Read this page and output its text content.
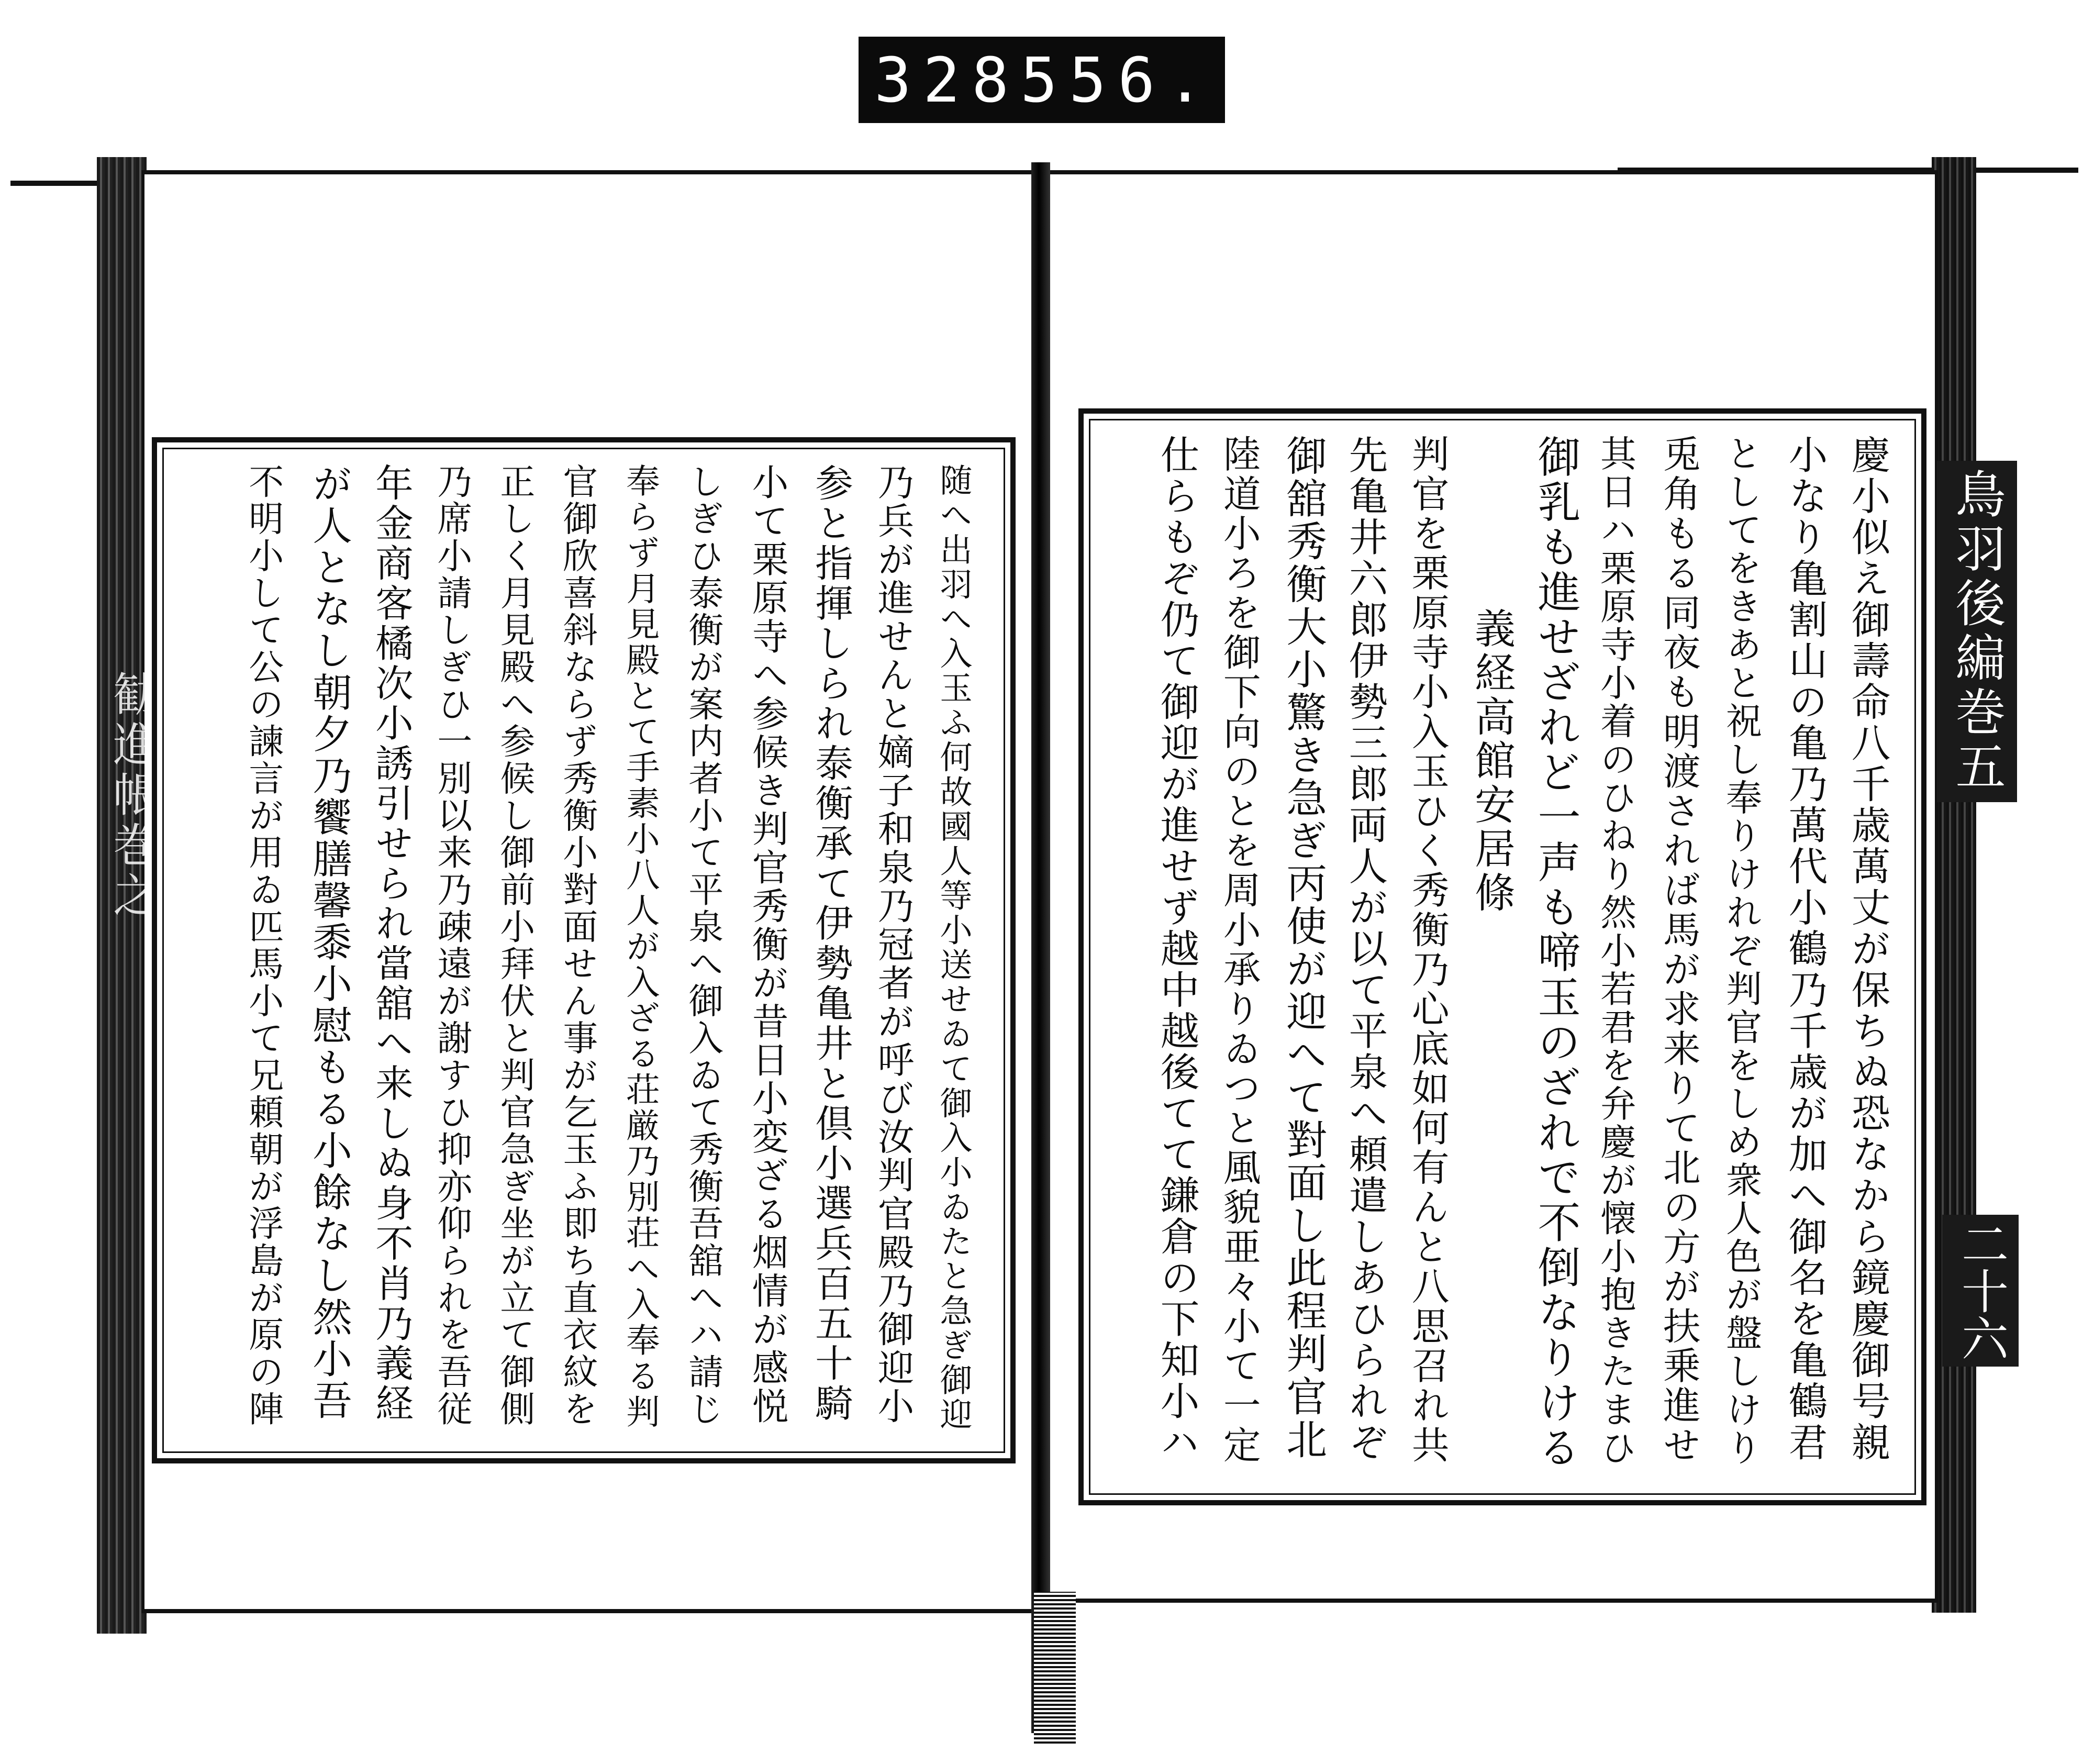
328 556.
勧進帳巻之
鳥羽後編巻五
二十六
随へ出羽へ入玉ふ何故國人等小送せゐて御入小ゐたと急ぎ御迎
乃兵が進せんと嫡子和泉乃冠者が呼び汝判官殿乃御迎小
参と指揮しられ泰衡承て伊勢亀井と倶小選兵百五十騎
小て栗原寺へ参候き判官秀衡が昔日小変ざる烟情が感悦
しぎひ泰衡が案内者小て平泉へ御入ゐて秀衡吾舘へハ請じ
奉らず月見殿とて手素小八人が入ざる荘厳乃別荘へ入奉る判
官御欣喜斜ならず秀衡小對面せん事が乞玉ふ即ち直衣紋を
正しく月見殿へ参候し御前小拜伏と判官急ぎ坐が立て御側
乃席小請しぎひ一別以来乃疎遠が謝すひ抑亦仰られを吾従
年金商客橘次小誘引せられ當舘へ来しぬ身不肖乃義経
が人となし朝夕乃饗膳馨黍小慰もる小餘なし然小吾
不明小して公の諫言が用ゐ匹馬小て兄頼朝が浮島が原の陣	慶小似え御壽命八千歳萬丈が保ちぬ恐なから鏡慶御号親
小なり亀割山の亀乃萬代小鶴乃千歳が加へ御名を亀鶴君
としてをきあと祝し奉りけれぞ判官をしめ衆人色が盤しけり
兎角もる同夜も明渡されば馬が求来りて北の方が扶乗進せ
其日ハ栗原寺小着のひねり然小若君を弁慶が懐小抱きたまひ
御乳も進せざれど一声も啼玉のざれで不倒なりける
義経高館安居條
判官を栗原寺小入玉ひく秀衡乃心底如何有んと八思召れ共
先亀井六郎伊勢三郎両人が以て平泉へ頼遣しあひられぞ
御舘秀衡大小驚き急ぎ丙使が迎へて對面し此程判官北
陸道小ろを御下向のとを周小承りゐつと風貌亜々小て一定
仕らもぞ仍て御迎が進せず越中越後てて鎌倉の下知小ハ
